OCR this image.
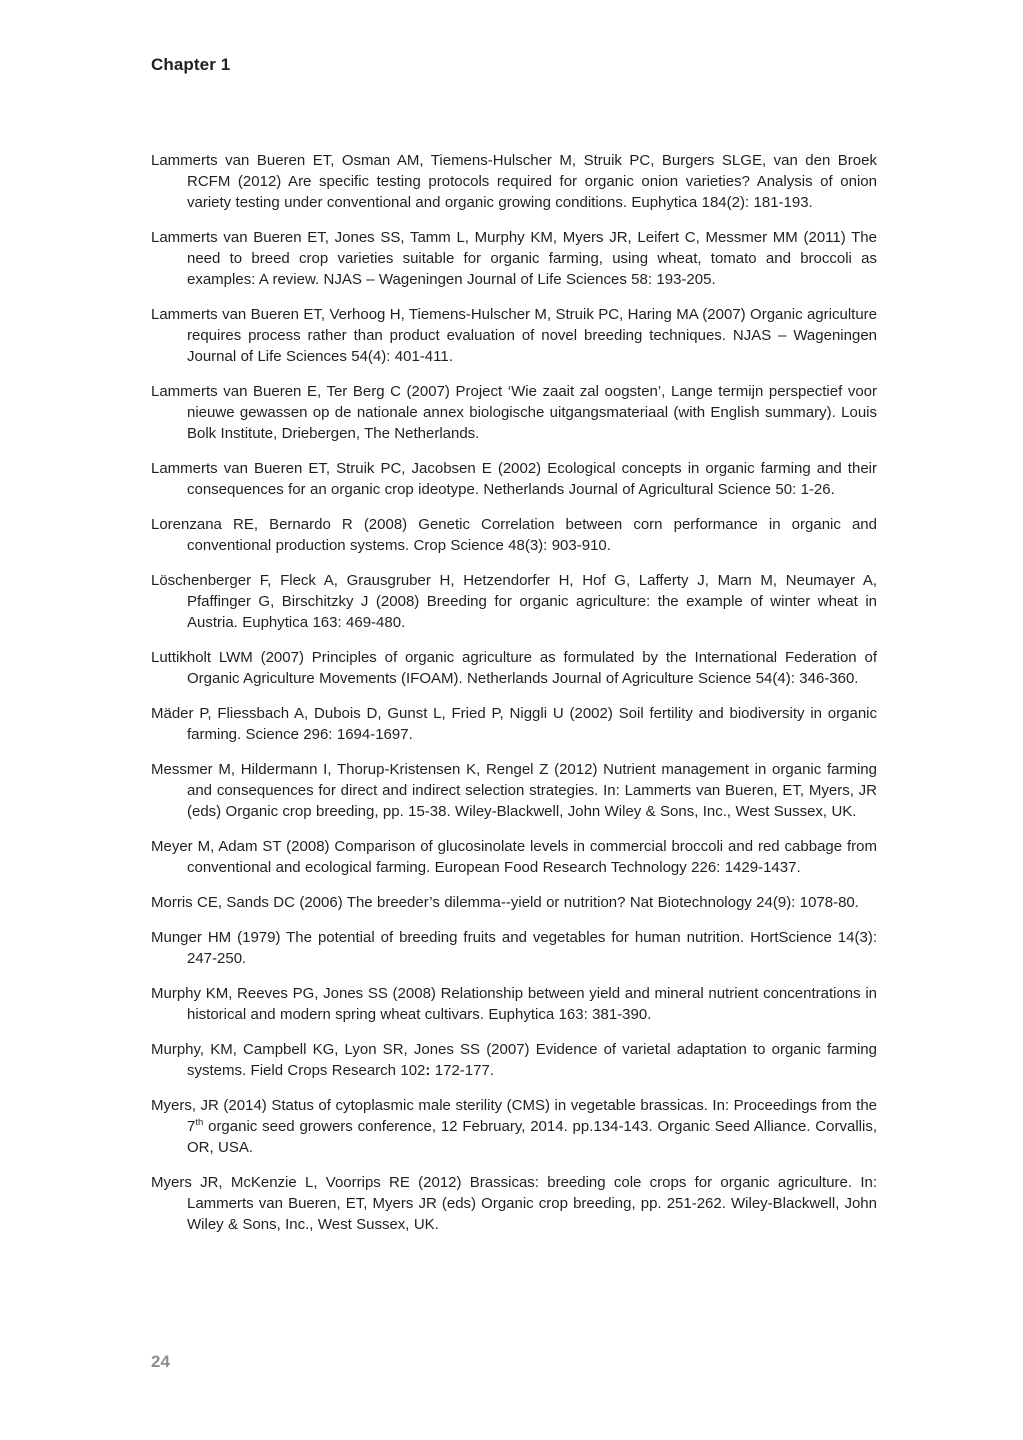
Chapter 1

Lammerts van Bueren ET, Osman AM, Tiemens-Hulscher M, Struik PC, Burgers SLGE, van den Broek RCFM (2012) Are specific testing protocols required for organic onion varieties? Analysis of onion variety testing under conventional and organic growing conditions. Euphytica 184(2): 181-193.

Lammerts van Bueren ET, Jones SS, Tamm L, Murphy KM, Myers JR, Leifert C, Messmer MM (2011) The need to breed crop varieties suitable for organic farming, using wheat, tomato and broccoli as examples: A review. NJAS – Wageningen Journal of Life Sciences 58: 193-205.

Lammerts van Bueren ET, Verhoog H, Tiemens-Hulscher M, Struik PC, Haring MA (2007) Organic agriculture requires process rather than product evaluation of novel breeding techniques. NJAS – Wageningen Journal of Life Sciences 54(4): 401-411.

Lammerts van Bueren E, Ter Berg C (2007) Project ‘Wie zaait zal oogsten’, Lange termijn perspectief voor nieuwe gewassen op de nationale annex biologische uitgangsmateriaal (with English summary). Louis Bolk Institute, Driebergen, The Netherlands.

Lammerts van Bueren ET, Struik PC, Jacobsen E (2002) Ecological concepts in organic farming and their consequences for an organic crop ideotype. Netherlands Journal of Agricultural Science 50: 1-26.

Lorenzana RE, Bernardo R (2008) Genetic Correlation between corn performance in organic and conventional production systems. Crop Science 48(3): 903-910.

Löschenberger F, Fleck A, Grausgruber H, Hetzendorfer H, Hof G, Lafferty J, Marn M, Neumayer A, Pfaffinger G, Birschitzky J (2008) Breeding for organic agriculture: the example of winter wheat in Austria. Euphytica 163: 469-480.

Luttikholt LWM (2007) Principles of organic agriculture as formulated by the International Federation of Organic Agriculture Movements (IFOAM). Netherlands Journal of Agriculture Science 54(4): 346-360.

Mäder P, Fliessbach A, Dubois D, Gunst L, Fried P, Niggli U (2002) Soil fertility and biodiversity in organic farming. Science 296: 1694-1697.

Messmer M, Hildermann I, Thorup-Kristensen K, Rengel Z (2012) Nutrient management in organic farming and consequences for direct and indirect selection strategies. In: Lammerts van Bueren, ET, Myers, JR (eds) Organic crop breeding, pp. 15-38. Wiley-Blackwell, John Wiley & Sons, Inc., West Sussex, UK.

Meyer M, Adam ST (2008) Comparison of glucosinolate levels in commercial broccoli and red cabbage from conventional and ecological farming. European Food Research Technology 226: 1429-1437.

Morris CE, Sands DC (2006) The breeder’s dilemma--yield or nutrition? Nat Biotechnology 24(9): 1078-80.

Munger HM (1979) The potential of breeding fruits and vegetables for human nutrition. HortScience 14(3): 247-250.

Murphy KM, Reeves PG, Jones SS (2008) Relationship between yield and mineral nutrient concentrations in historical and modern spring wheat cultivars. Euphytica 163: 381-390.

Murphy, KM, Campbell KG, Lyon SR, Jones SS (2007) Evidence of varietal adaptation to organic farming systems. Field Crops Research 102: 172-177.

Myers, JR (2014) Status of cytoplasmic male sterility (CMS) in vegetable brassicas. In: Proceedings from the 7th organic seed growers conference, 12 February, 2014. pp.134-143. Organic Seed Alliance. Corvallis, OR, USA.

Myers JR, McKenzie L, Voorrips RE (2012) Brassicas: breeding cole crops for organic agriculture. In: Lammerts van Bueren, ET, Myers JR (eds) Organic crop breeding, pp. 251-262. Wiley-Blackwell, John Wiley & Sons, Inc., West Sussex, UK.

24
